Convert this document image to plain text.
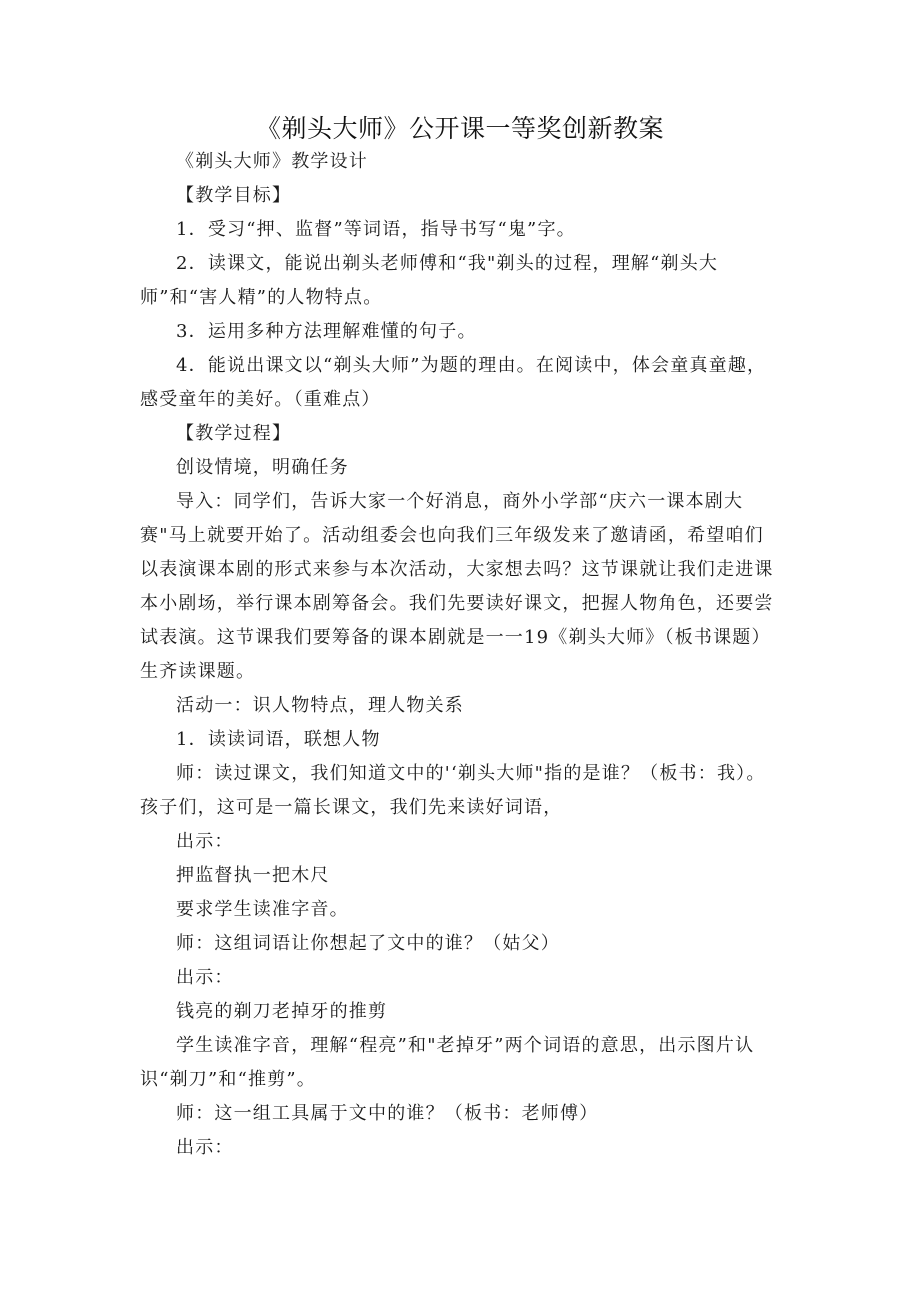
《剃头大师》公开课一等奖创新教案

《剃头大师》教学设计

【教学目标】

1．受习“押、监督”等词语，指导书写“鬼”字。

2．读课文，能说出剃头老师傅和“我"剃头的过程，理解“剃头大师”和“害人精”的人物特点。

3．运用多种方法理解难懂的句子。

4．能说出课文以“剃头大师”为题的理由。在阅读中，体会童真童趣，感受童年的美好。（重难点）

【教学过程】

创设情境，明确任务

导入：同学们，告诉大家一个好消息，商外小学部“庆六一课本剧大赛"马上就要开始了。活动组委会也向我们三年级发来了邀请函，希望咱们以表演课本剧的形式来参与本次活动，大家想去吗？这节课就让我们走进课本小剧场，举行课本剧筹备会。我们先要读好课文，把握人物角色，还要尝试表演。这节课我们要筹备的课本剧就是一一19《剃头大师》（板书课题）生齐读课题。

活动一：识人物特点，理人物关系

1．读读词语，联想人物

师：读过课文，我们知道文中的'‘剃头大师"指的是谁？（板书：我）。孩子们，这可是一篇长课文，我们先来读好词语，

出示：

押监督执一把木尺

要求学生读准字音。

师：这组词语让你想起了文中的谁？（姑父）

出示：

钱亮的剃刀老掉牙的推剪

学生读准字音，理解“程亮”和"老掉牙”两个词语的意思，出示图片认识“剃刀”和“推剪”。

师：这一组工具属于文中的谁？（板书：老师傅）

出示：
